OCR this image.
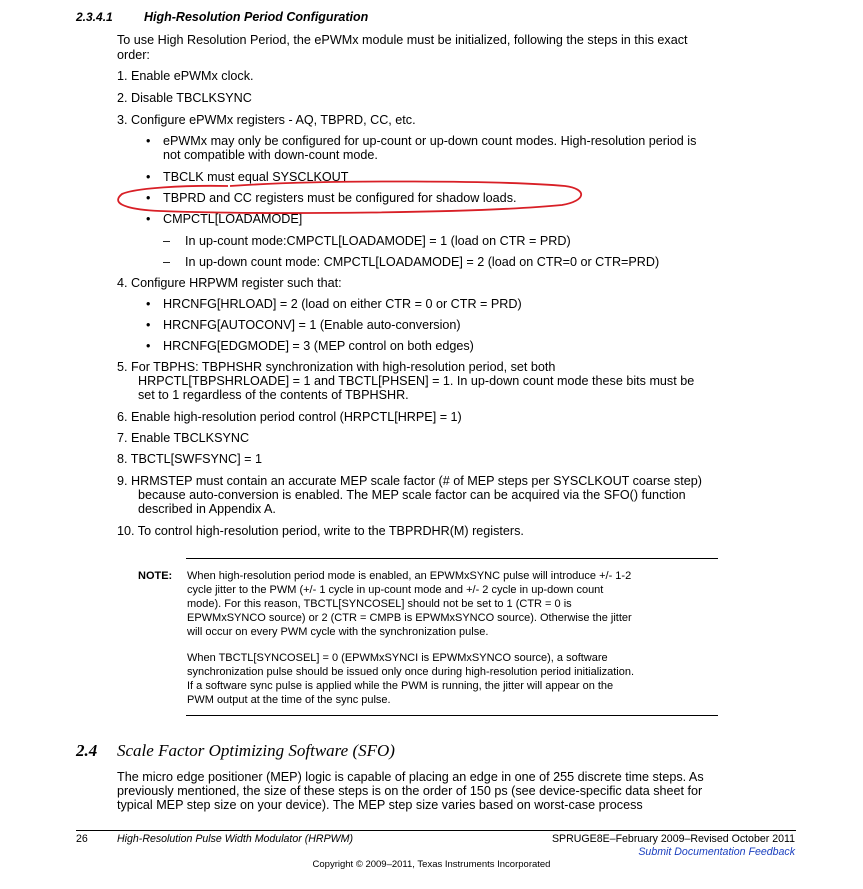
2.3.4.1	High-Resolution Period Configuration
To use High Resolution Period, the ePWMx module must be initialized, following the steps in this exact
order:
1. Enable ePWMx clock.
2. Disable TBCLKSYNC
3. Configure ePWMx registers - AQ, TBPRD, CC, etc.
• ePWMx may only be configured for up-count or up-down count modes. High-resolution period is
not compatible with down-count mode.
• TBCLK must equal SYSCLKOUT
• TBPRD and CC registers must be configured for shadow loads.
• CMPCTL[LOADAMODE]
– In up-count mode:CMPCTL[LOADAMODE] = 1 (load on CTR = PRD)
– In up-down count mode: CMPCTL[LOADAMODE] = 2 (load on CTR=0 or CTR=PRD)
4. Configure HRPWM register such that:
• HRCNFG[HRLOAD] = 2 (load on either CTR = 0 or CTR = PRD)
• HRCNFG[AUTOCONV] = 1 (Enable auto-conversion)
• HRCNFG[EDGMODE] = 3 (MEP control on both edges)
5. For TBPHS: TBPHSHR synchronization with high-resolution period, set both
HRPCTL[TBPSHRLOADE] = 1 and TBCTL[PHSEN] = 1. In up-down count mode these bits must be
set to 1 regardless of the contents of TBPHSHR.
6. Enable high-resolution period control (HRPCTL[HRPE] = 1)
7. Enable TBCLKSYNC
8. TBCTL[SWFSYNC] = 1
9. HRMSTEP must contain an accurate MEP scale factor (# of MEP steps per SYSCLKOUT coarse step)
because auto-conversion is enabled. The MEP scale factor can be acquired via the SFO() function
described in Appendix A.
10. To control high-resolution period, write to the TBPRDHR(M) registers.
NOTE: When high-resolution period mode is enabled, an EPWMxSYNC pulse will introduce +/- 1-2
cycle jitter to the PWM (+/- 1 cycle in up-count mode and +/- 2 cycle in up-down count
mode). For this reason, TBCTL[SYNCOSEL] should not be set to 1 (CTR = 0 is
EPWMxSYNCO source) or 2 (CTR = CMPB is EPWMxSYNCO source). Otherwise the jitter
will occur on every PWM cycle with the synchronization pulse.
When TBCTL[SYNCOSEL] = 0 (EPWMxSYNCI is EPWMxSYNCO source), a software
synchronization pulse should be issued only once during high-resolution period initialization.
If a software sync pulse is applied while the PWM is running, the jitter will appear on the
PWM output at the time of the sync pulse.
2.4 Scale Factor Optimizing Software (SFO)
The micro edge positioner (MEP) logic is capable of placing an edge in one of 255 discrete time steps. As
previously mentioned, the size of these steps is on the order of 150 ps (see device-specific data sheet for
typical MEP step size on your device). The MEP step size varies based on worst-case process
26	High-Resolution Pulse Width Modulator (HRPWM)	SPRUGE8E–February 2009–Revised October 2011
Submit Documentation Feedback
Copyright © 2009–2011, Texas Instruments Incorporated
